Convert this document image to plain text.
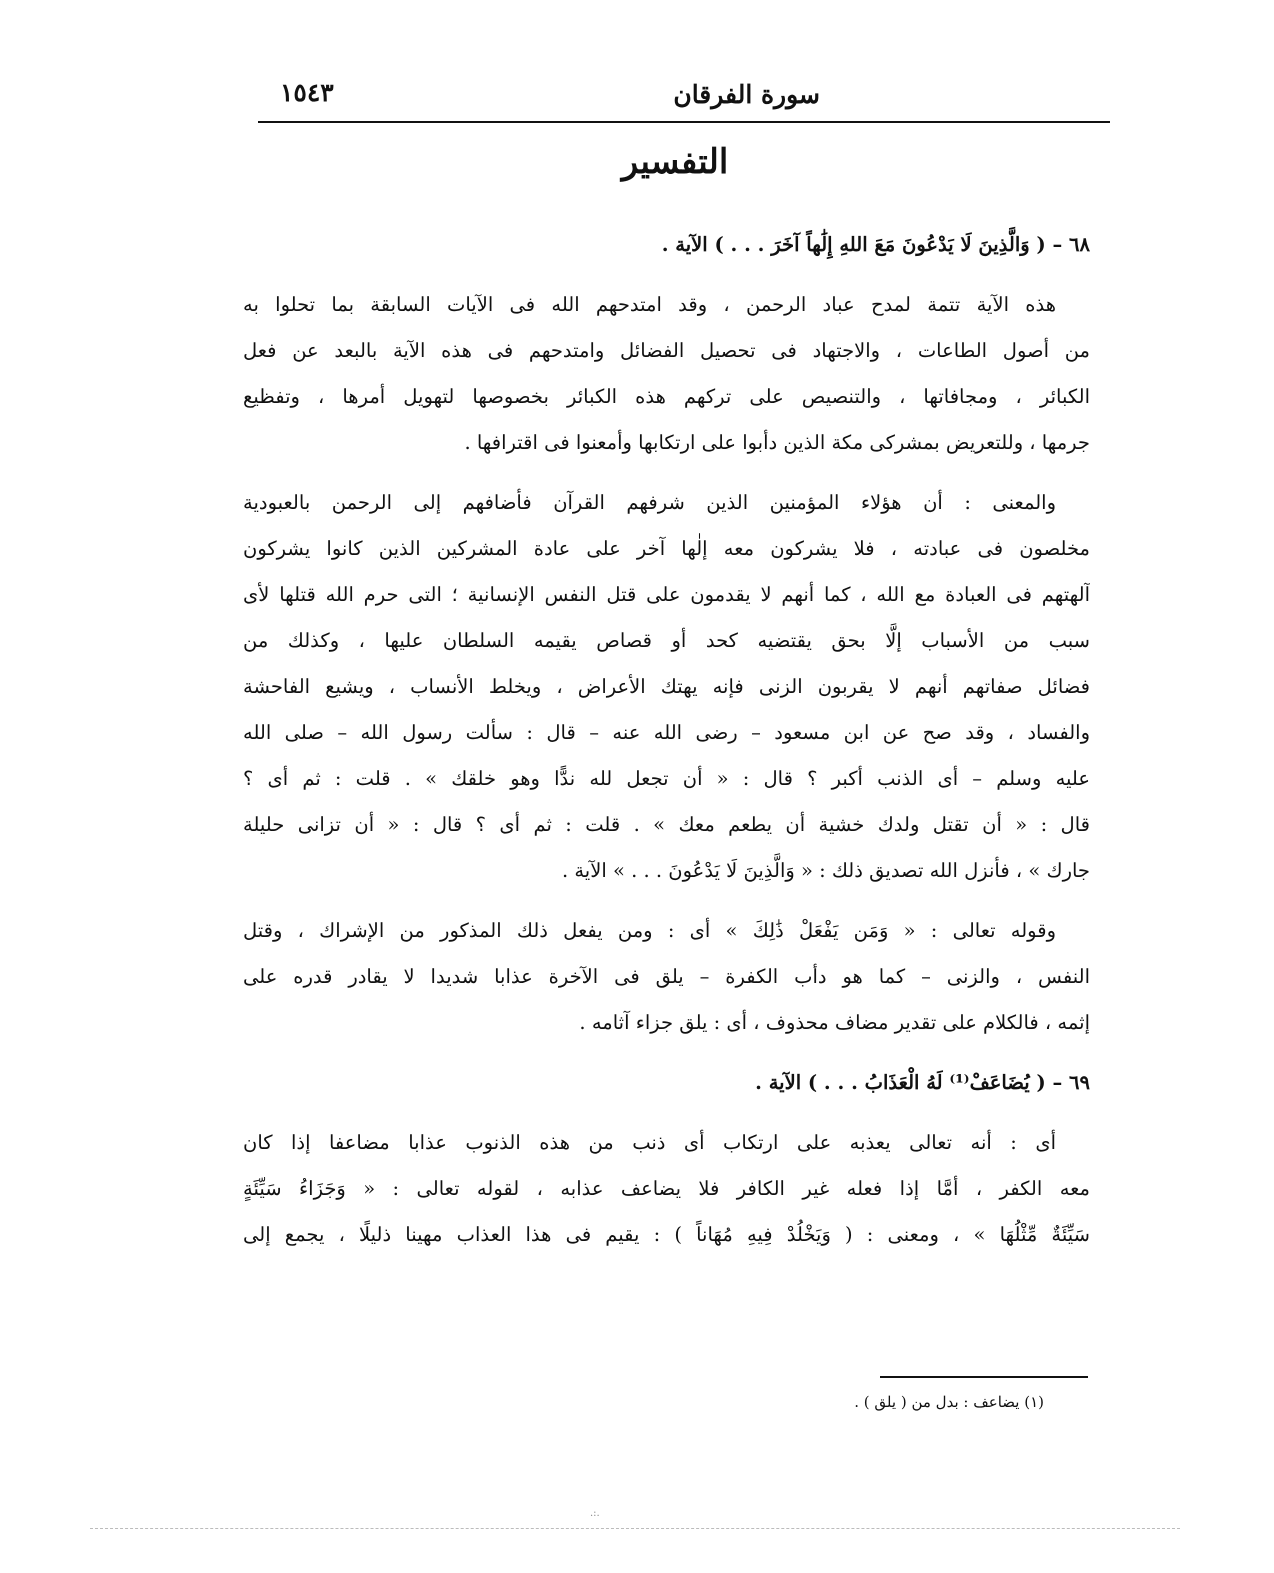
سورة الفرقان
١٥٤٣
التفسير
٦٨ – ( وَالَّذِينَ لَا يَدْعُونَ مَعَ اللهِ إِلَٰهاً آخَرَ . . . ) الآية .
هذه الآية تتمة لمدح عباد الرحمن ، وقد امتدحهم الله فى الآيات السابقة بما تحلوا به
من أصول الطاعات ، والاجتهاد فى تحصيل الفضائل وامتدحهم فى هذه الآية بالبعد عن فعل
الكبائر ، ومجافاتها ، والتنصيص على تركهم هذه الكبائر بخصوصها لتهويل أمرها ، وتفظيع
جرمها ، وللتعريض بمشركى مكة الذين دأبوا على ارتكابها وأمعنوا فى اقترافها .
والمعنى : أن هؤلاء المؤمنين الذين شرفهم القرآن فأضافهم إلى الرحمن بالعبودية
مخلصون فى عبادته ، فلا يشركون معه إلٰها آخر على عادة المشركين الذين كانوا يشركون
آلهتهم فى العبادة مع الله ، كما أنهم لا يقدمون على قتل النفس الإنسانية ؛ التى حرم الله قتلها لأى
سبب من الأسباب إلَّا بحق يقتضيه كحد أو قصاص يقيمه السلطان عليها ، وكذلك من
فضائل صفاتهم أنهم لا يقربون الزنى فإنه يهتك الأعراض ، ويخلط الأنساب ، ويشيع الفاحشة
والفساد ، وقد صح عن ابن مسعود – رضى الله عنه – قال : سألت رسول الله – صلى الله
عليه وسلم – أى الذنب أكبر ؟ قال : « أن تجعل لله ندًّا وهو خلقك » . قلت : ثم أى ؟
قال : « أن تقتل ولدك خشية أن يطعم معك » . قلت : ثم أى ؟ قال : « أن تزانى حليلة
جارك » ، فأنزل الله تصديق ذلك : « وَالَّذِينَ لَا يَدْعُونَ . . . » الآية .
وقوله تعالى : « وَمَن يَفْعَلْ ذَٰلِكَ » أى : ومن يفعل ذلك المذكور من الإشراك ، وقتل
النفس ، والزنى – كما هو دأب الكفرة – يلق فى الآخرة عذابا شديدا لا يقادر قدره على
إثمه ، فالكلام على تقدير مضاف محذوف ، أى : يلق جزاء آثامه .
٦٩ – ( يُضَاعَفْ⁽¹⁾ لَهُ الْعَذَابُ . . . ) الآية .
أى : أنه تعالى يعذبه على ارتكاب أى ذنب من هذه الذنوب عذابا مضاعفا إذا كان
معه الكفر ، أمَّا إذا فعله غير الكافر فلا يضاعف عذابه ، لقوله تعالى : « وَجَزَاءُ سَيِّئَةٍ
سَيِّئَةٌ مِّثْلُهَا » ، ومعنى : ( وَيَخْلُدْ فِيهِ مُهَاناً ) : يقيم فى هذا العذاب مهينا ذليلًا ، يجمع إلى
(١) يضاعف : بدل من ( يلق ) .
.:.
